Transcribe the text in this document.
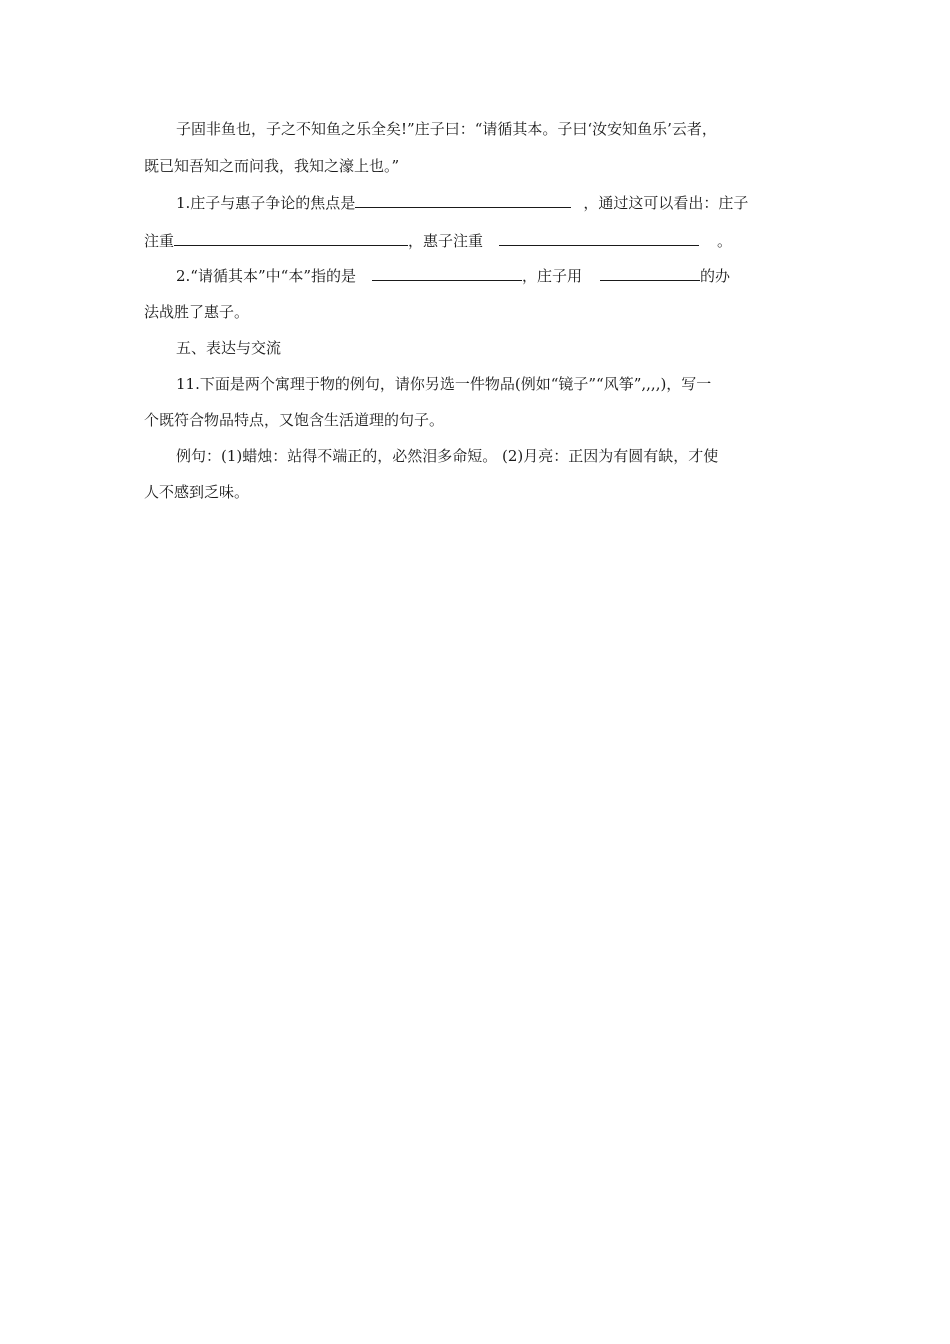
子固非鱼也，子之不知鱼之乐全矣!”庄子曰：“请循其本。子曰‘汝安知鱼乐’云者，
既已知吾知之而问我，我知之濠上也。”
1.庄子与惠子争论的焦点是	，通过这可以看出：庄子
注重	，惠子注重	。
2.“请循其本”中“本”指的是	，庄子用	的办
法战胜了惠子。
五、表达与交流
11.下面是两个寓理于物的例句，请你另选一件物品(例如“镜子”“风筝”,,,,)，写一
个既符合物品特点，又饱含生活道理的句子。
例句：(1)蜡烛：站得不端正的，必然泪多命短。 (2)月亮：正因为有圆有缺，才使
人不感到乏味。
